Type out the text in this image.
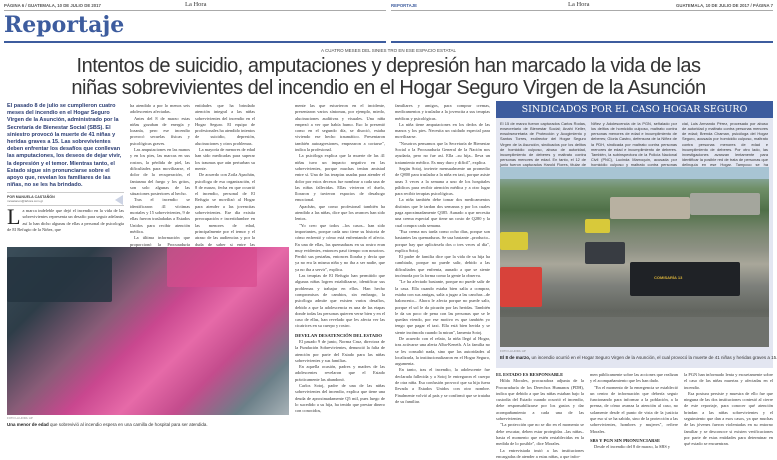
PÁGINA 6 / GUATEMALA, 10 DE JULIO DE 2017	La Hora
Reportaje
REPORTAJE	La Hora	GUATEMALA, 10 DE JULIO DE 2017 / PÁGINA 7
A CUATRO MESES DEL SINIES TRO EN ESE ESPACIO ESTATAL
Intentos de suicidio, amputaciones y depresión han marcado la vida de las
niñas sobrevivientes del incendio en el Hogar Seguro Virgen de la Asunción
El pasado 8 de julio se cumplieron cuatro meses del incendio en el Hogar Seguro Virgen de la Asunción, administrado por la Secretaría de Bienestar Social (SBS). El siniestro provocó la muerte de 41 niñas y heridas graves a 15. Las sobrevivientes deben enfrentar los desafíos que conllevan las amputaciones, los deseos de dejar vivir, la depresión y el temor. Mientras tanto, el Estado sigue sin pronunciarse sobre el apoyo que, revelan los familiares de las niñas, no se les ha brindado.
POR MANUELA CASTAÑÓN
mcastanon@lahora.com.gt
La marca indeleble que dejó el incendio en la vida de las sobrevivientes representa un desafío para seguir adelante, así lo han dicho algunas de ellas a personal de psicología de El Refugio de la Niñez, que

ha atendido a por lo menos seis adolescentes afectadas.

Antes del 8 de marzo estas niñas gozaban de energía y lozanía, pero ese incendio provocó secuelas físicas y psicológicas graves.

Las amputaciones en las manos y en los pies, las marcas en sus rostros, la pérdida de piel, las dificultades para movilizarse, el dolor de la recuperación, el fantasma del fuego y los gritos, son solo algunas de las situaciones posteriores al hecho.

Tras el incendio se identificaron 41 víctimas mortales y 15 sobrevivientes, 9 de ellas fueron trasladadas a Estados Unidos para recibir atención médica.

La última información que proporcionó la Procuraduría

entidades que ha brindado atención integral a las niñas sobrevivientes del incendio en el Hogar Seguro. El equipo de profesionales ha atendido intentos de suicidio, depresión, alucinaciones y otros problemas.

La mayoría de menores de edad han sido medicadas para superar los traumas que aún perturban su mente.

De acuerdo con Zoila Apachán, psicóloga de esa organización, el 8 de marzo, fecha en que ocurrió el incendio, personal de El Refugio se movilizó al Hogar para atender a las jovencitas sobrevivientes. Ese día existía preocupación e incertidumbre en las menores de edad, principalmente por el temor y el atraso de las audiencias y por la duda de saber si entre las

mente las que estuvieron en el incidente, presentaron varios síntomas, por ejemplo, miedo, alucinaciones auditivas y visuales. Una niña empezó a ver que había humo. Eso lo presentó como en el segundo día, se disoció, estaba viviendo ese hecho traumático. Presentaron también autoagresiones, empezaron a cortarse", indica la profesional.

La psicóloga explica que la muerte de las 41 niñas tuvo un impacto negativo en las sobrevivientes, porque muchas tenían amistad entre sí. Una de las terapias usadas para atender el dolor por estos decesos fue nombrar a cada una de las niñas fallecidas. Ellas vivieron el duelo, lloraron y tuvieron espacios de desahogo emocional.

Apachán, que como profesional también ha atendido a las niñas, dice que los avances han sido lentos.

"Yo creo que todos –los casos– han sido importantes, porque cada uno tiene su historia de cómo enfrentó y cómo está enfrentando el afecto. En una de ellas, las quemaduras en su rostro eran muy evidentes, entonces pasó tiempo con nosotros. Perdió sus pestañas, entonces lloraba y decía que ya no era la misma niña y no iba a ser nadie, que ya no iba a servir", explica.

Las terapias de El Refugio han permitido que algunas niñas logren estabilizarse, identificar sus problemas y trabajar en ellos. Han hecho compromisos de cambios, sin embargo, la psicóloga admite que existen varios desafíos, debido a que la adolescencia es una de las etapas donde todas las personas quieren verse bien y en el caso de ellas, han revelado que les afecta ver las cicatrices en su cuerpo y rostro.

DEVELAN DESATENCIÓN DEL ESTADO

El pasado 9 de junio, Norma Cruz, directora de la Fundación Sobrevivientes, denunció la falta de atención por parte del Estado para las niñas sobrevivientes y sus familias.

En aquella ocasión, padres y madres de las adolescentes revelaron que el Estado prácticamente las abandonó.

Carlos Sotoj, padre de una de las niñas sobrevivientes del incendio, explica que tiene una deuda de aproximadamente Q5 mil, pues luego de lo sucedido a su hija, ha tenido que prestar dinero con conocidos,

FOTO LA HORA: AP
Una menor de edad que sobrevivió al incendio espera en una camilla de hospital para ser atendida.

familiares y amigos, para comprar cremas, medicamentos y trasladar a la jovencita a sus terapias médicas y psicológicas.

La niña tiene amputaciones en los dedos de las manos y los pies. Necesita un cuidado especial para movilizarse.

"Nosotros pensamos que la Secretaría de Bienestar Social o la Procuraduría General de la Nación nos ayudaría, pero no fue así. Ella –su hija– lleva un tratamiento médico. Es muy duro y difícil", explica.

Según Sotoj, invierte mensualmente un promedio de Q800 para trasladar a la niña en taxi, porque asiste unas 3 veces a la semana a uno de los hospitales públicos para recibir atención médica y a otro lugar para recibir terapias psicológicas.

La niña también debe tomar dos medicamentos distintos que le tardan dos semanas y por los cuales paga aproximadamente Q385. Aunado a que necesita una crema especial que tiene un costo de Q280 y la cual compra cada semana.

"Esa crema nos tarda como ocho días, porque son bastantes las quemaduras. Se usa bastante –producto– porque hay que aplicársela dos o tres veces al día", explica Sotoj.

El padre de familia dice que la vida de su hija ha cambiado, porque no puede salir, debido a las dificultades que enfrenta, aunado a que se siente incómoda por la forma como la gente la observa.

"Le ha afectado bastante, porque no puede salir de la casa. Ella cuando estaba bien salía a comprar, estaba con sus amigas, salía a jugar a las canchas –de baloncesto–. Ahora le afecta porque no puede salir, porque el sol le da picazón por las heridas. También le da un poco de pena con las personas que se le quedan viendo, por ese motivo es que también yo tengo que pagar el taxi. Ella está bien herida y se siente incómoda cuando la miran", lamenta Sotoj.

De acuerdo con el relato, la niña llegó al Hogar, tras activarse una alerta Alba-Keneth. A la familia no se les consultó nada, sino que las autoridades al localizarla, la institucionalizaron en el Hogar Seguro, argumenta.

En tanto, tras el incendio, la adolescente fue declarada fallecida y a Sotoj le entregaron el cuerpo de otra niña. Esa confusión provocó que su hija fuera llevada a Estados Unidos con otro nombre. Finalmente volvió al país y se confirmó que se trataba de su familiar.

SINDICADOS POR EL CASO HOGAR SEGURO
El 15 de marzo fueron capturados Carlos Rodas, exsecretario de Bienestar Social; Anahí Keller, exsubsecretaria de Protección y Acogimiento y Santos Torres, exdirector del Hogar Seguro Virgen de la Asunción, sindicados por los delitos de homicidio culposo, abuso de autoridad, incumplimiento de deberes y maltrato contra personas menores de edad. En tanto, el 12 de junio fueron capturados Harold Flores, titular de
Niñez y Adolescencia de la PGN, señalado por los delitos de homicidio culposo, maltrato contra personas menores de edad e incumplimiento de deberes; Gloria Castro, defensora de la Niñez de la PDH, sindicada por maltrato contra personas menores de edad e incumplimiento de deberes. También, la subinspectora de la Policía Nacional Civil (PNC), Lucinda Marroquín, acusada por homicidio culposo y maltrato contra personas
cial, Luis Armando Pérez, procesado por abuso de autoridad y maltrato contra personas menores de edad; Brenda Chaman, psicóloga del Hogar Seguro, acusada por homicidio culposo, maltrato contra personas menores de edad e incumplimiento de deberes. Por otro lado, las investigaciones avanzan lentamente para identificar la posible red de trata de personas que delinquía en ese Hogar. Tampoco se ha
COMISARÍA 13
FOTO LA HORA: AP
El 8 de marzo, un incendio ocurrió en el Hogar Seguro Virgen de la Asunción, el cual provocó la muerte de 41 niñas y heridas graves a 15.
EL ESTADO ES RESPONSABLE

Hilda Morales, procuradora adjunta de la Procuraduría de los Derechos Humanos (PDH), indica que debido a que las niñas estaban bajo la custodia del Estado cuando ocurrió el incendio, debe responsabilizarse por los gastos y dar acompañamiento a cada una de las sobrevivientes.

"La protección que no se dio en el momento se debe rescatar, deben estar protegidas –las niñas– hasta el momento que estén restablecidas en la medida de lo posible", dice Morales.

La entrevistada instó a las instituciones encargadas de atender a estas niñas, a que infor-

men públicamente sobre las acciones que realizan y el acompañamiento que les han dado.

"En el momento de la emergencia se estableció un centro de información que debería seguir funcionando para informar a la población, a la prensa, de cómo avanza la atención al caso, no solamente desde el punto de vista de la justicia que eso sí se ha sabido, sino de la protección a las sobrevivientes, hombres y mujeres", refiere Morales.

SBS Y PGN SIN PRONUNCIARSE

Desde el incendio del 8 de marzo, la SBS y

la PGN han informado lenta y escuetamente sobre el caso de las niñas muertas y afectadas en el incendio.

Esa postura persiste y muestra de ello fue que ninguna de las dos instituciones contestó al cierre de este reportaje, para conocer qué atención brindan a las niñas sobrevivientes y el seguimiento que dan a esos casos, ya que muchas de las jóvenes fueron violentadas en su entorno familiar y se desconoce si existen verificaciones por parte de estas entidades para determinar en qué estado se encuentran.
